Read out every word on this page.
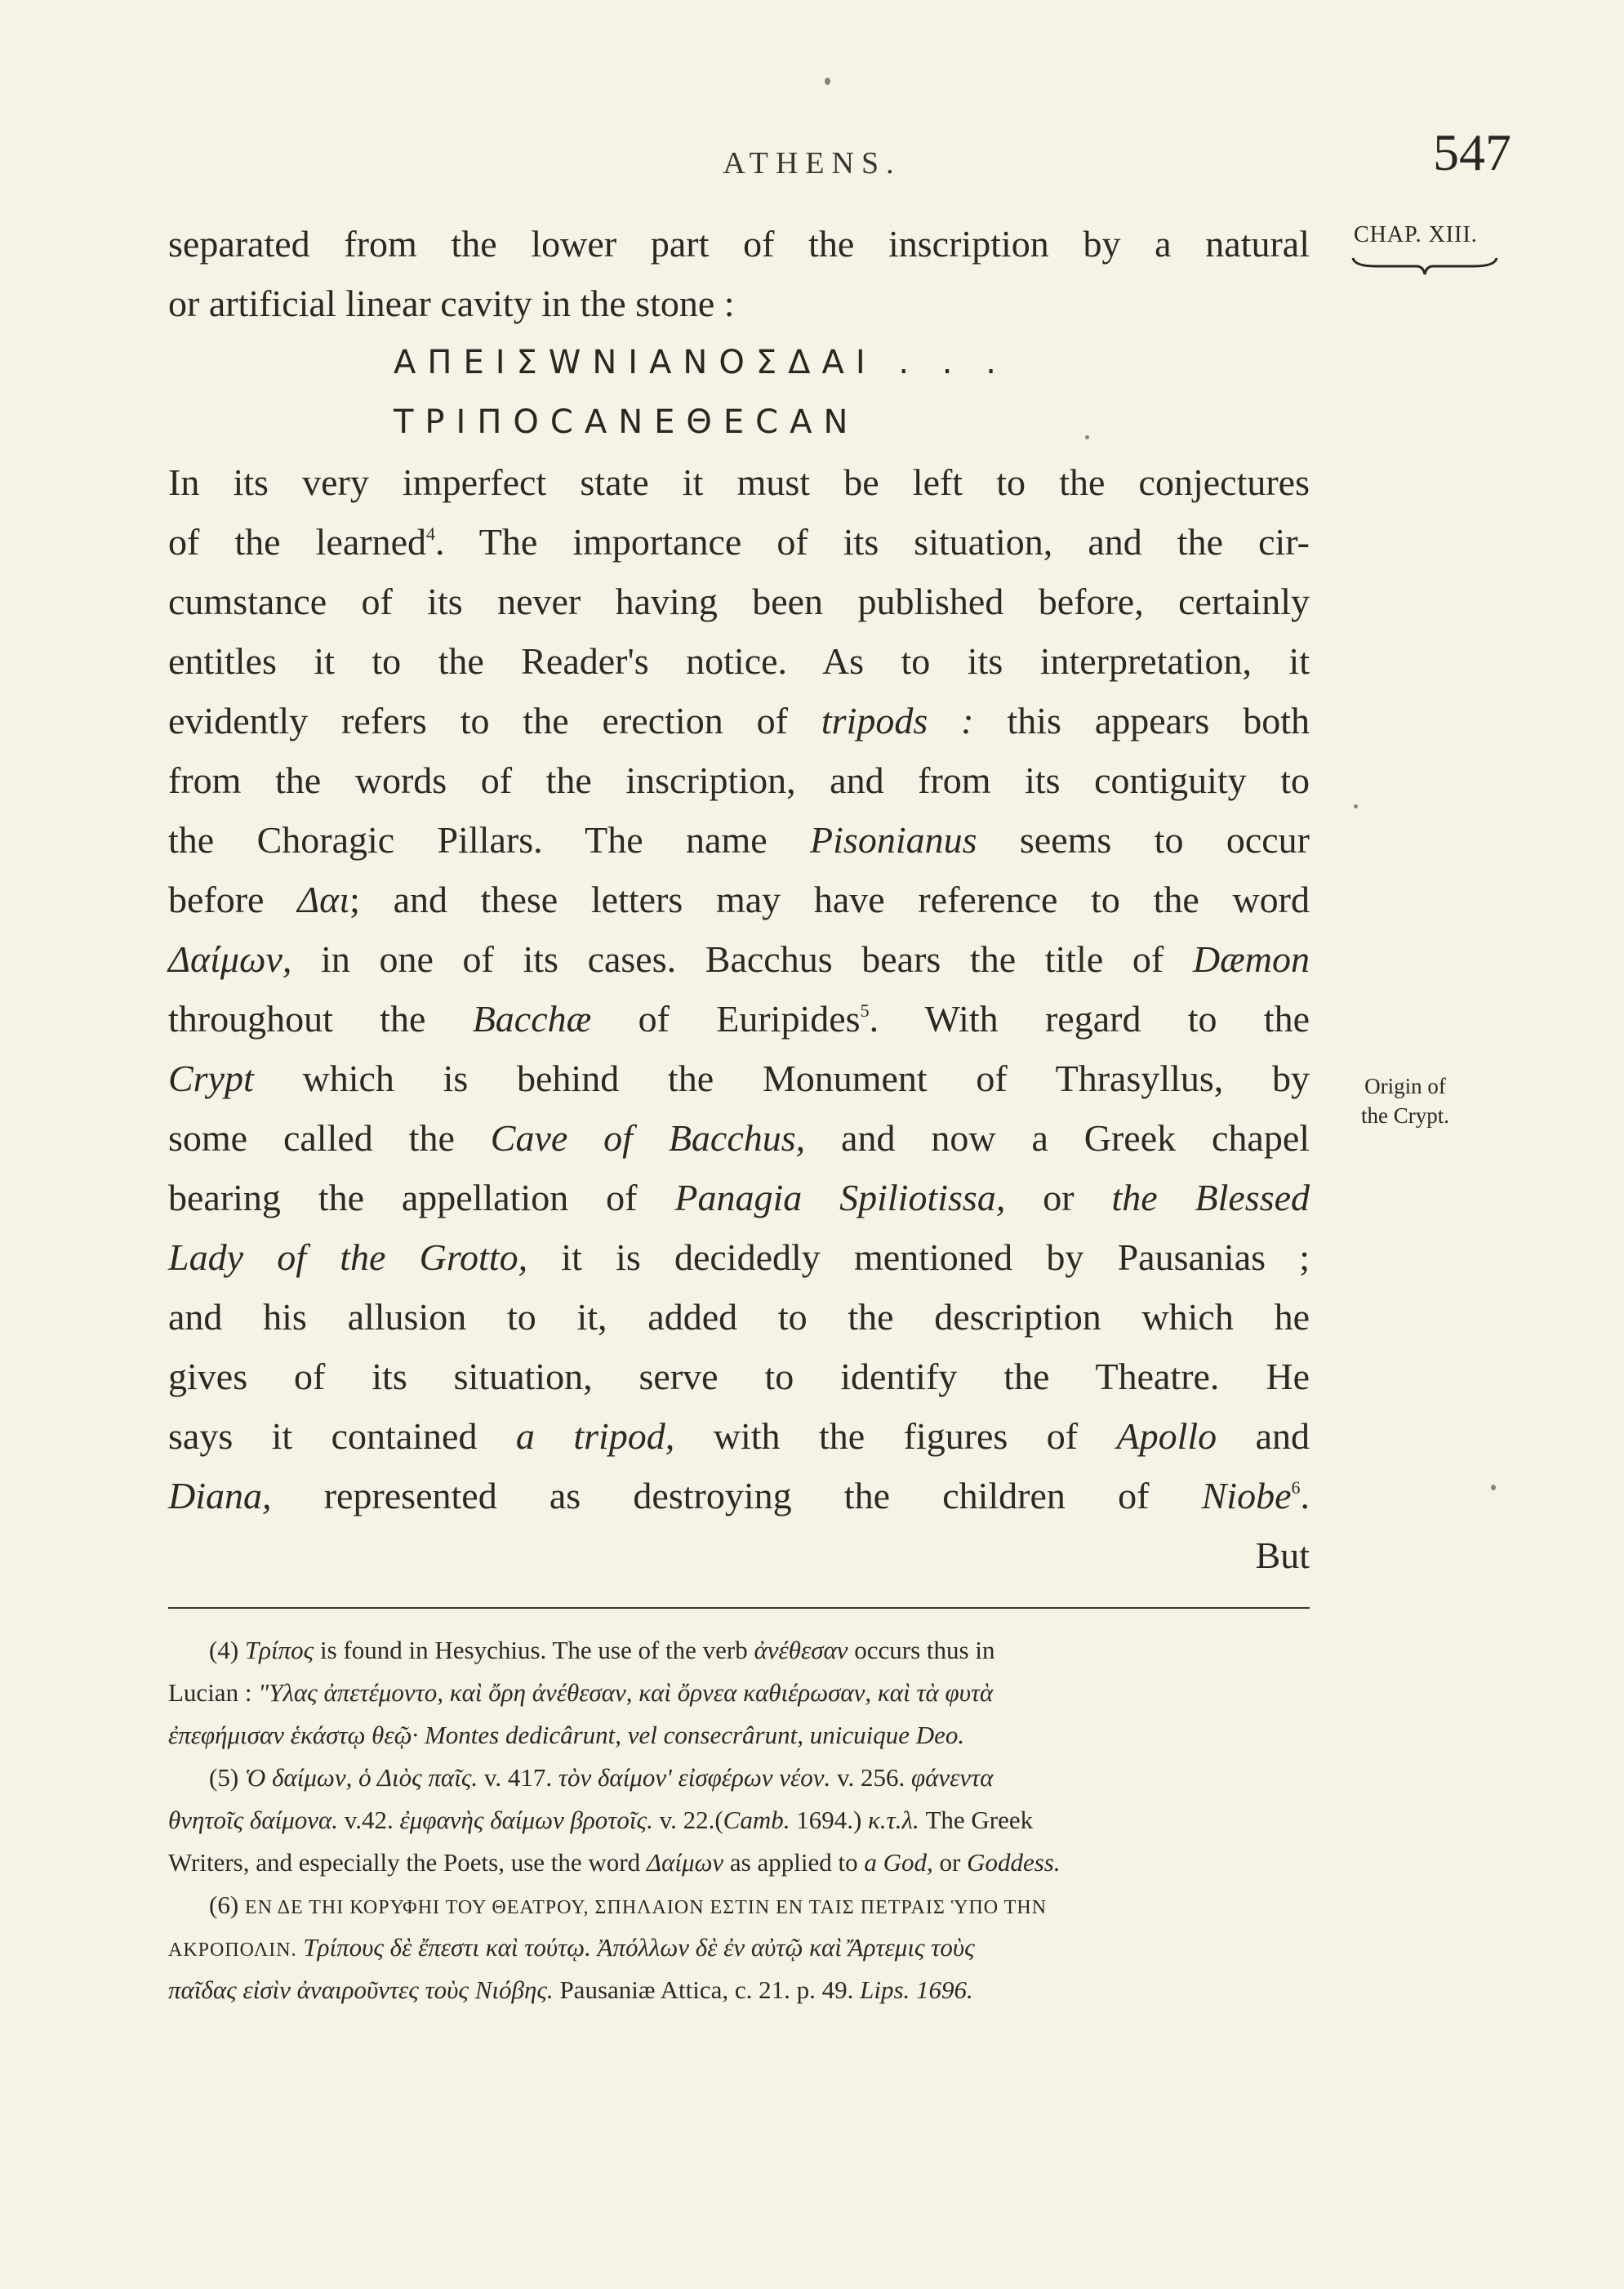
ATHENS.	547
CHAP. XIII.
separated from the lower part of the inscription by a natural
or artificial linear cavity in the stone :
ΑΠΕΙΣWΝΙΑΝΟΣΔΑΙ . . .
ΤΡΙΠΟCΑΝΕΘΕCΑΝ
In its very imperfect state it must be left to the conjectures
of the learned$^4$. The importance of its situation, and the cir-
cumstance of its never having been published before, certainly
entitles it to the Reader's notice. As to its interpretation, it
evidently refers to the erection of tripods : this appears both
from the words of the inscription, and from its contiguity to
the Choragic Pillars. The name Pisonianus seems to occur
before Δαι; and these letters may have reference to the word
Δαίμων, in one of its cases. Bacchus bears the title of Dæmon
throughout the Bacchæ of Euripides$^5$. With regard to the
Crypt which is behind the Monument of Thrasyllus, by
some called the Cave of Bacchus, and now a Greek chapel
bearing the appellation of Panagia Spiliotissa, or the Blessed
Lady of the Grotto, it is decidedly mentioned by Pausanias ;
and his allusion to it, added to the description which he
gives of its situation, serve to identify the Theatre. He
says it contained a tripod, with the figures of Apollo and
Diana, represented as destroying the children of Niobe$^6$.
But
Origin of
the Crypt.
(4) Τρίπος is found in Hesychius. The use of the verb ἀνέθεσαν occurs thus in
Lucian : "Υλας ἀπετέμοντο, καὶ ὄρη ἀνέθεσαν, καὶ ὄρνεα καθιέρωσαν, καὶ τὰ φυτὰ
ἐπεφήμισαν ἑκάστῳ θεῷ· Montes dedicârunt, vel consecrârunt, unicuique Deo.
(5) Ὁ δαίμων, ὁ Διὸς παῖς. v. 417. τὸν δαίμον' εἰσφέρων νέον. v. 256. φάνεντα
θνητοῖς δαίμονα. v.42. ἐμφανὴς δαίμων βροτοῖς. v. 22.(Camb. 1694.) κ.τ.λ. The Greek
Writers, and especially the Poets, use the word Δαίμων as applied to a God, or Goddess.
(6) ΕΝ ΔΕ ΤΗΙ ΚΟΡΥΦΗΙ ΤΟΥ ΘΕΑΤΡΟΥ, ΣΠΗΛΑΙΟΝ ΕΣΤΙΝ ΕΝ ΤΑΙΣ ΠΕΤΡΑΙΣ ὙΠΟ ΤΗΝ
ΑΚΡΟΠΟΛΙΝ. Τρίπους δὲ ἔπεστι καὶ τούτῳ. Ἀπόλλων δὲ ἐν αὐτῷ καὶ Ἄρτεμις τοὺς
παῖδας εἰσὶν ἀναιροῦντες τοὺς Νιόβης. Pausaniæ Attica, c. 21. p. 49. Lips. 1696.
